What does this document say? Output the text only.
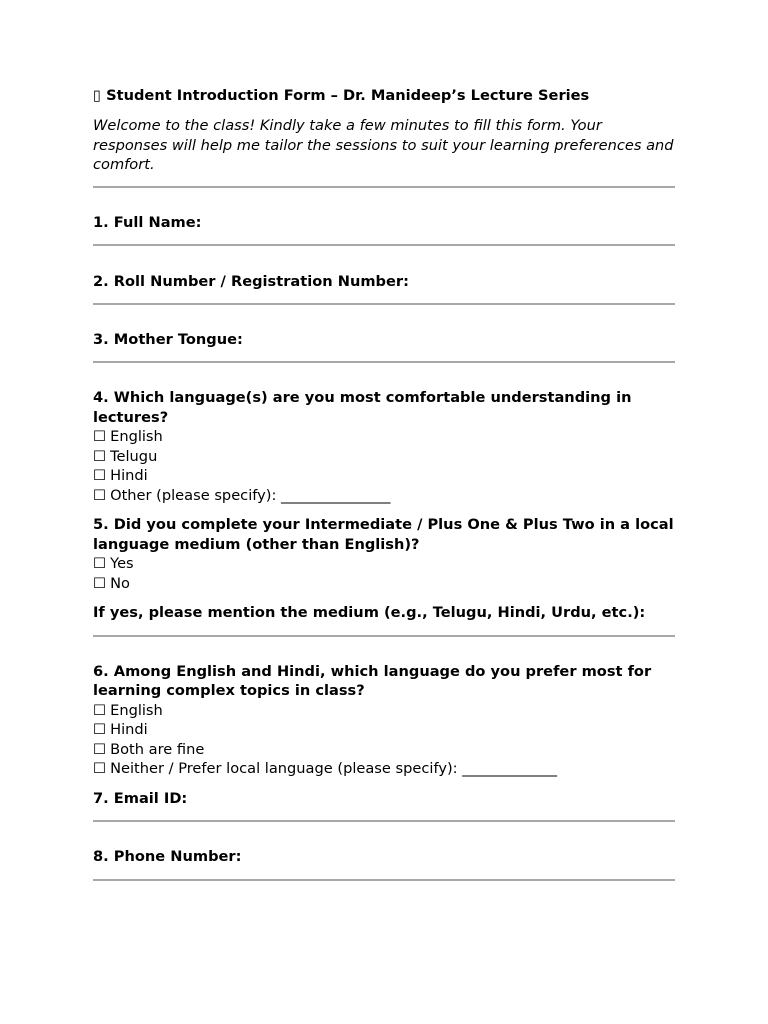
▯ Student Introduction Form – Dr. Manideep’s Lecture Series
Welcome to the class! Kindly take a few minutes to fill this form. Your responses will help me tailor the sessions to suit your learning preferences and comfort.
1. Full Name:
2. Roll Number / Registration Number:
3. Mother Tongue:
4. Which language(s) are you most comfortable understanding in lectures?
☐ English
☐ Telugu
☐ Hindi
☐ Other (please specify): _______________
5. Did you complete your Intermediate / Plus One & Plus Two in a local language medium (other than English)?
☐ Yes
☐ No
If yes, please mention the medium (e.g., Telugu, Hindi, Urdu, etc.):
6. Among English and Hindi, which language do you prefer most for learning complex topics in class?
☐ English
☐ Hindi
☐ Both are fine
☐ Neither / Prefer local language (please specify): _____________
7. Email ID:
8. Phone Number:
